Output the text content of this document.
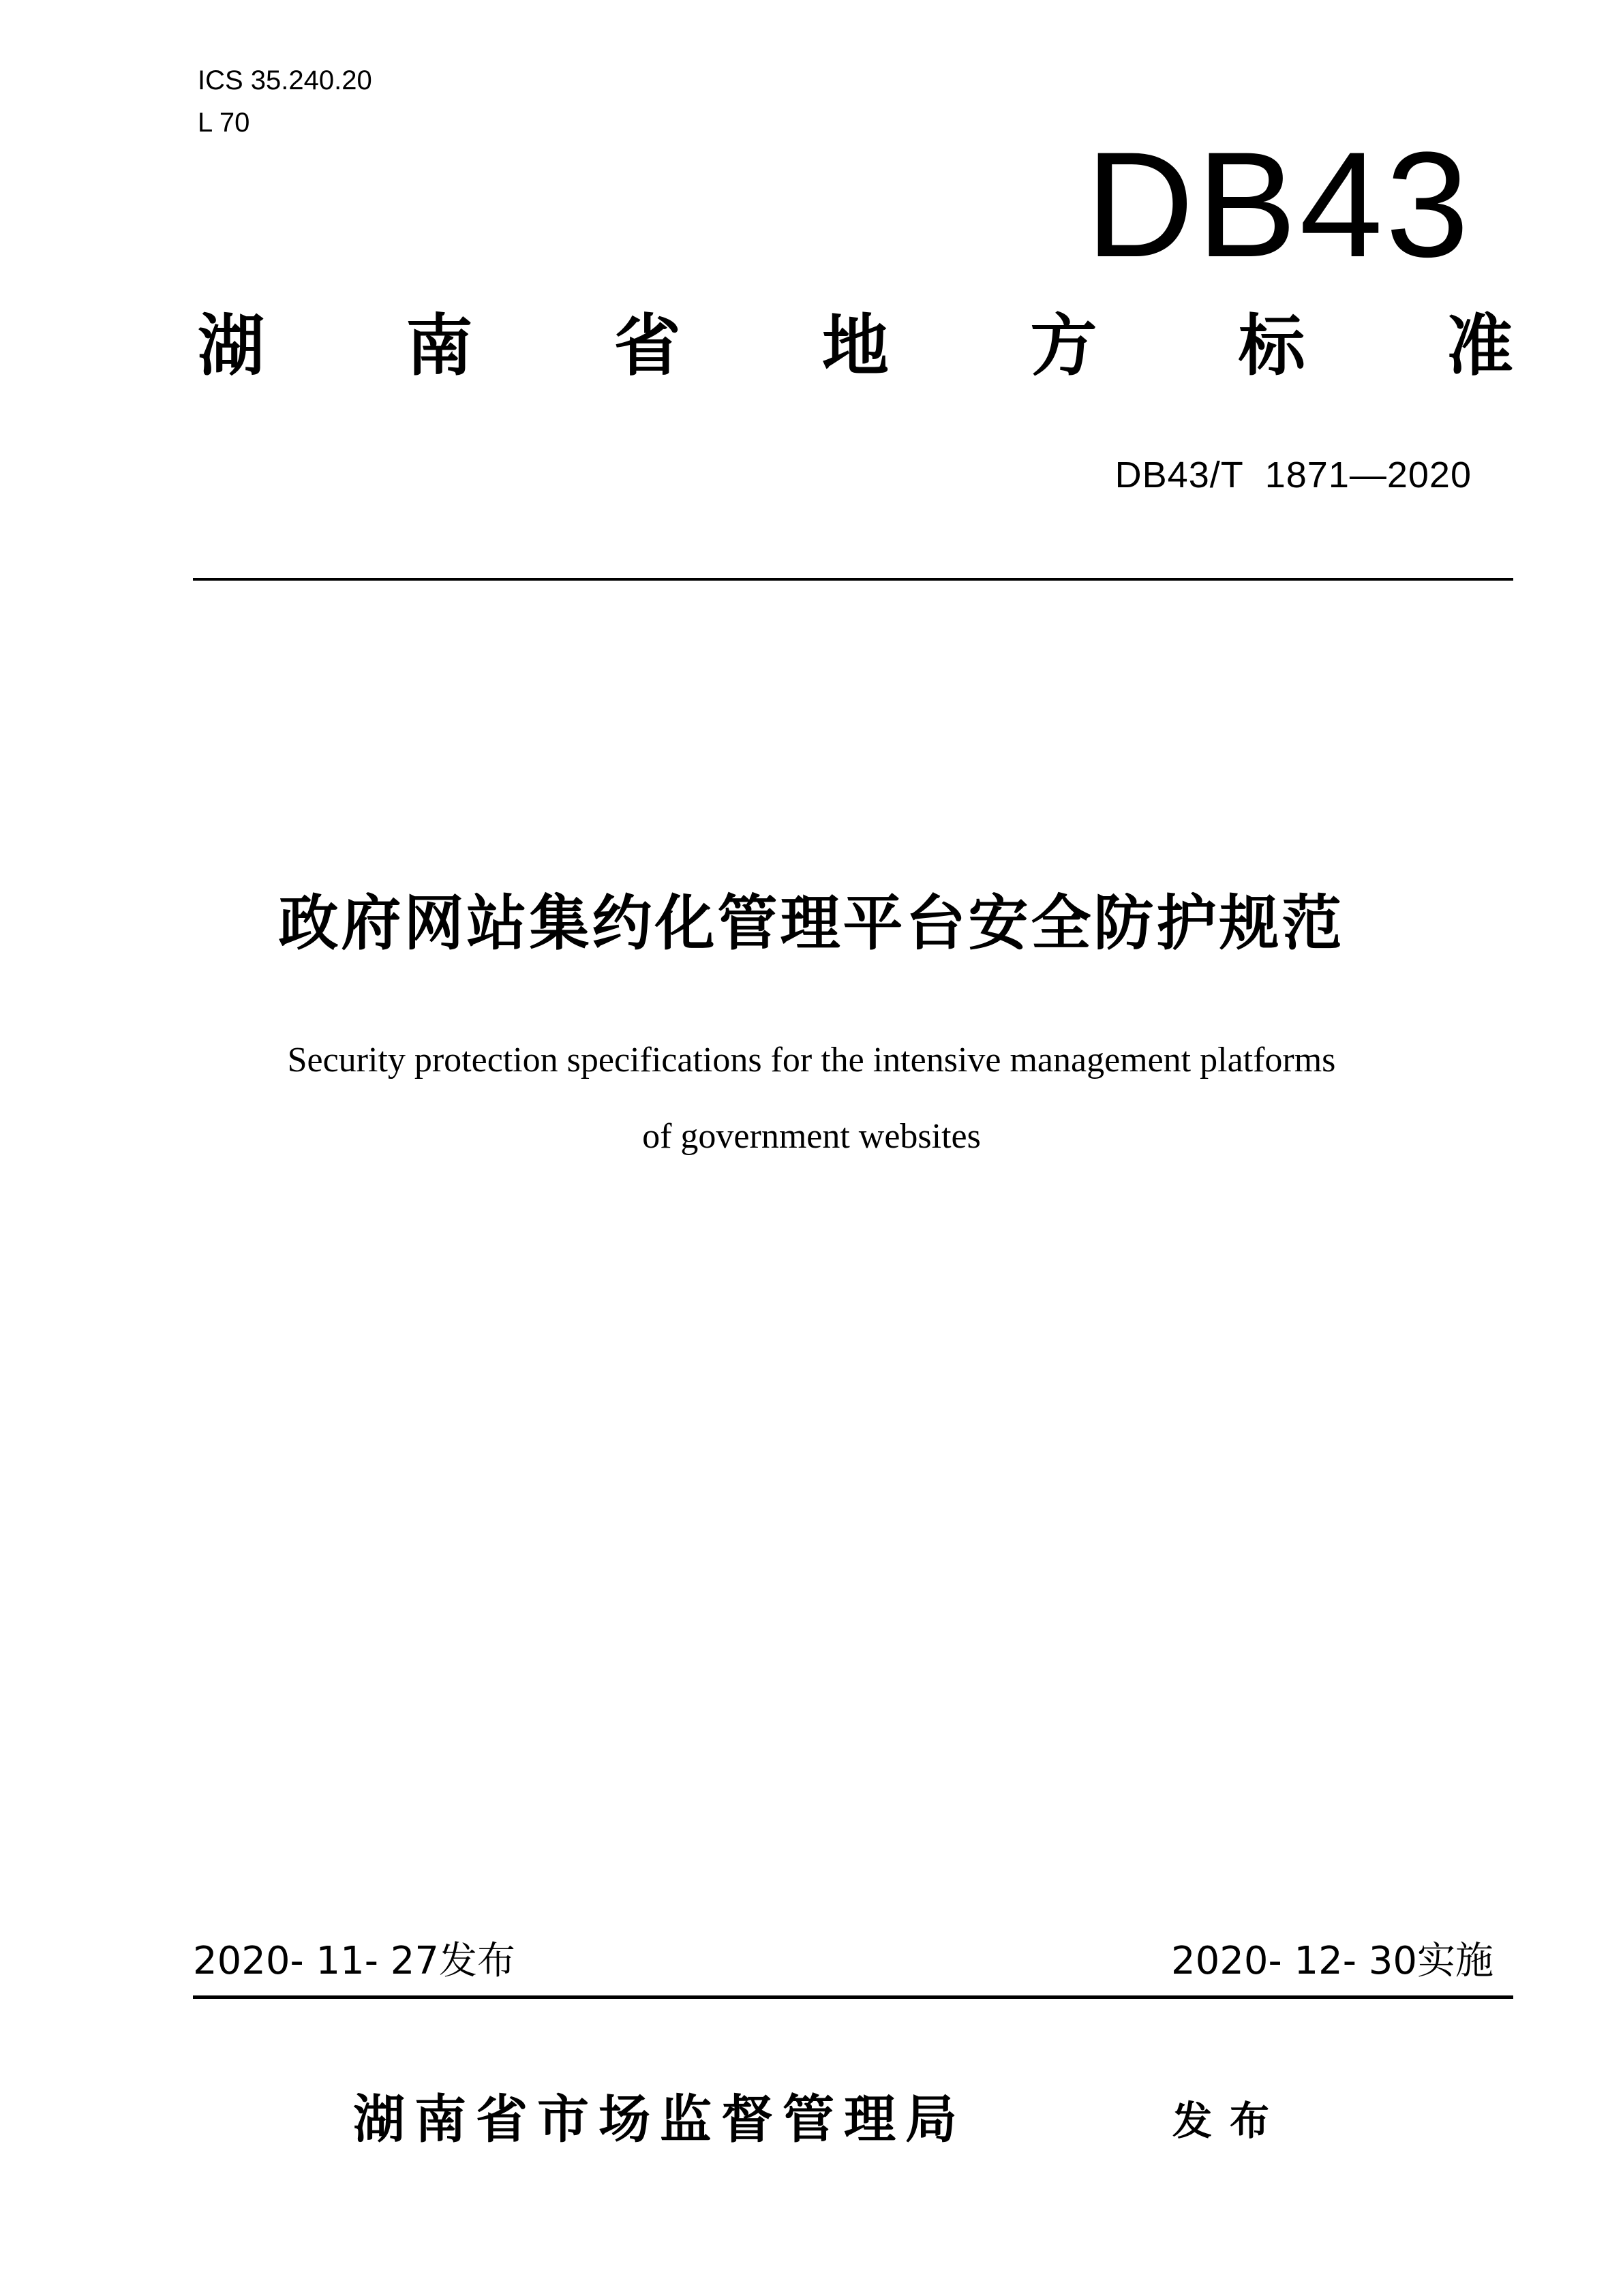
ICS 35.240.20
L 70	DB43
湖 南 省 地 方 标 准
DB43/T  1871—2020
政府网站集约化管理平台安全防护规范
Security protection specifications for the intensive management platforms
of government websites
2020- 11- 27发布	2020- 12- 30实施
湖南省市场监督管理局	发布
